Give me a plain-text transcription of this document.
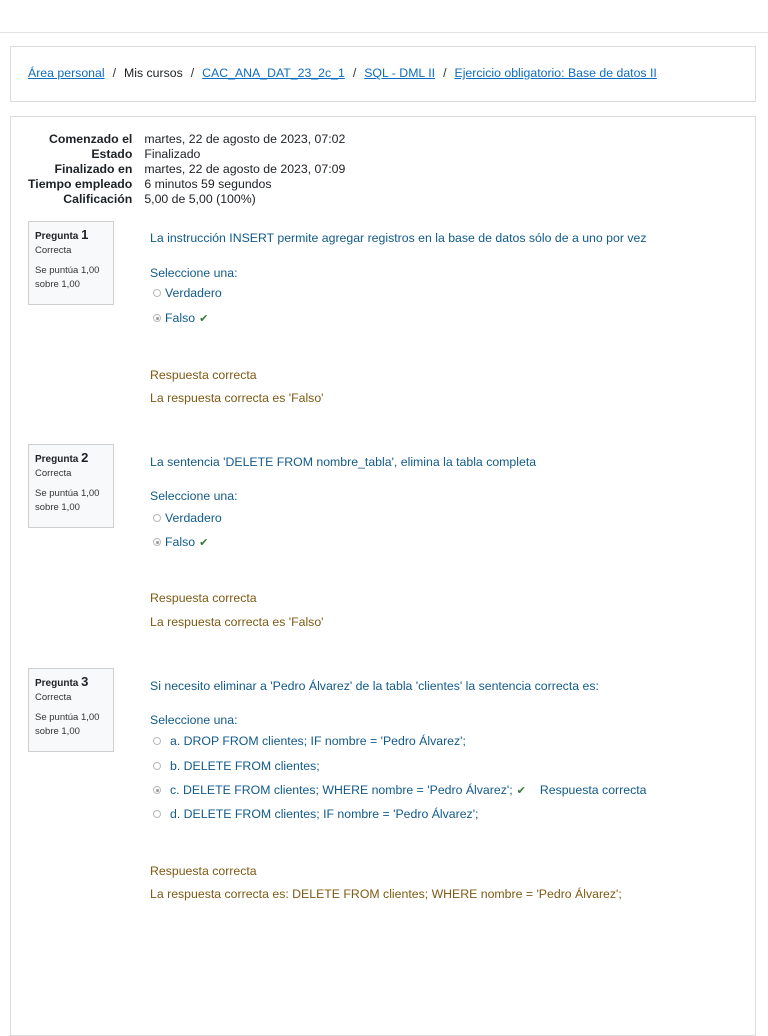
Área personal / Mis cursos / CAC_ANA_DAT_23_2c_1 / SQL - DML II / Ejercicio obligatorio: Base de datos II
Comenzado el	martes, 22 de agosto de 2023, 07:02
Estado	Finalizado
Finalizado en	martes, 22 de agosto de 2023, 07:09
Tiempo empleado	6 minutos 59 segundos
Calificación	5,00 de 5,00 (100%)
Pregunta 1
Correcta
Se puntúa 1,00
sobre 1,00
La instrucción INSERT permite agregar registros en la base de datos sólo de a uno por vez
Seleccione una:
Verdadero
Falso ✔
Respuesta correcta
La respuesta correcta es 'Falso'
Pregunta 2
Correcta
Se puntúa 1,00
sobre 1,00
La sentencia 'DELETE FROM nombre_tabla', elimina la tabla completa
Seleccione una:
Verdadero
Falso ✔
Respuesta correcta
La respuesta correcta es 'Falso'
Pregunta 3
Correcta
Se puntúa 1,00
sobre 1,00
Si necesito eliminar a 'Pedro Álvarez' de la tabla 'clientes' la sentencia correcta es:
Seleccione una:
a. DROP FROM clientes; IF nombre = 'Pedro Álvarez';
b. DELETE FROM clientes;
c. DELETE FROM clientes; WHERE nombre = 'Pedro Álvarez'; ✔ Respuesta correcta
d. DELETE FROM clientes; IF nombre = 'Pedro Álvarez';
Respuesta correcta
La respuesta correcta es: DELETE FROM clientes; WHERE nombre = 'Pedro Álvarez';
